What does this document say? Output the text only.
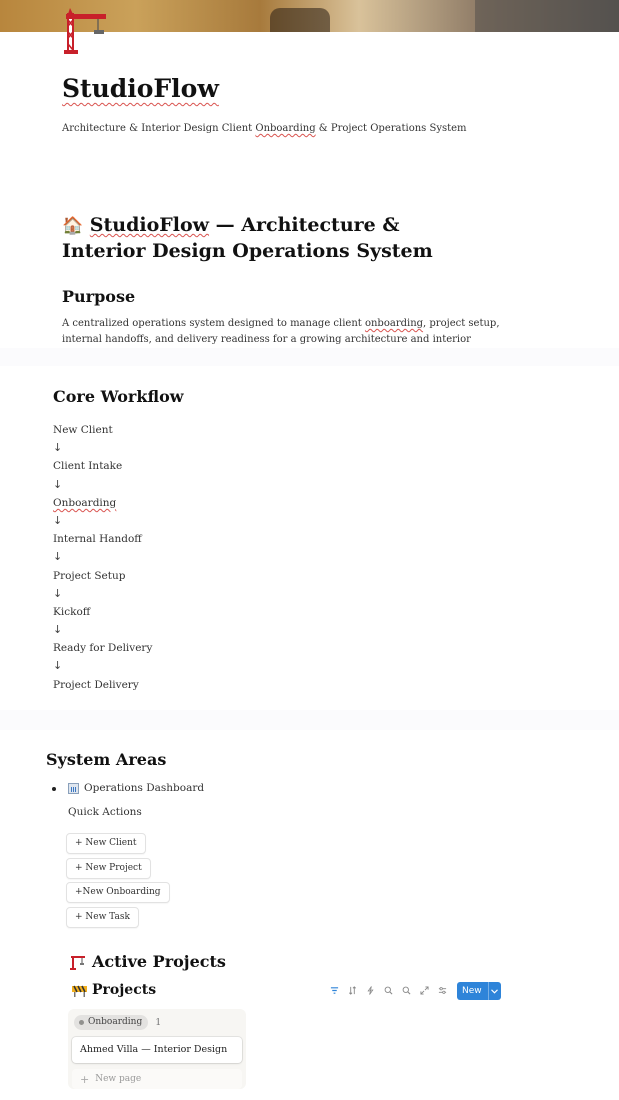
StudioFlow
Architecture & Interior Design Client Onboarding & Project Operations System
🏠 StudioFlow — Architecture & Interior Design Operations System
Purpose
A centralized operations system designed to manage client onboarding, project setup, internal handoffs, and delivery readiness for a growing architecture and interior
Core Workflow
New Client
↓
Client Intake
↓
Onboarding
↓
Internal Handoff
↓
Project Setup
↓
Kickoff
↓
Ready for Delivery
↓
Project Delivery
System Areas
Operations Dashboard
Quick Actions
+ New Client
+ New Project
+New Onboarding
+ New Task
Active Projects
Projects	New
Onboarding 1
Ahmed Villa — Interior Design
+ New page
